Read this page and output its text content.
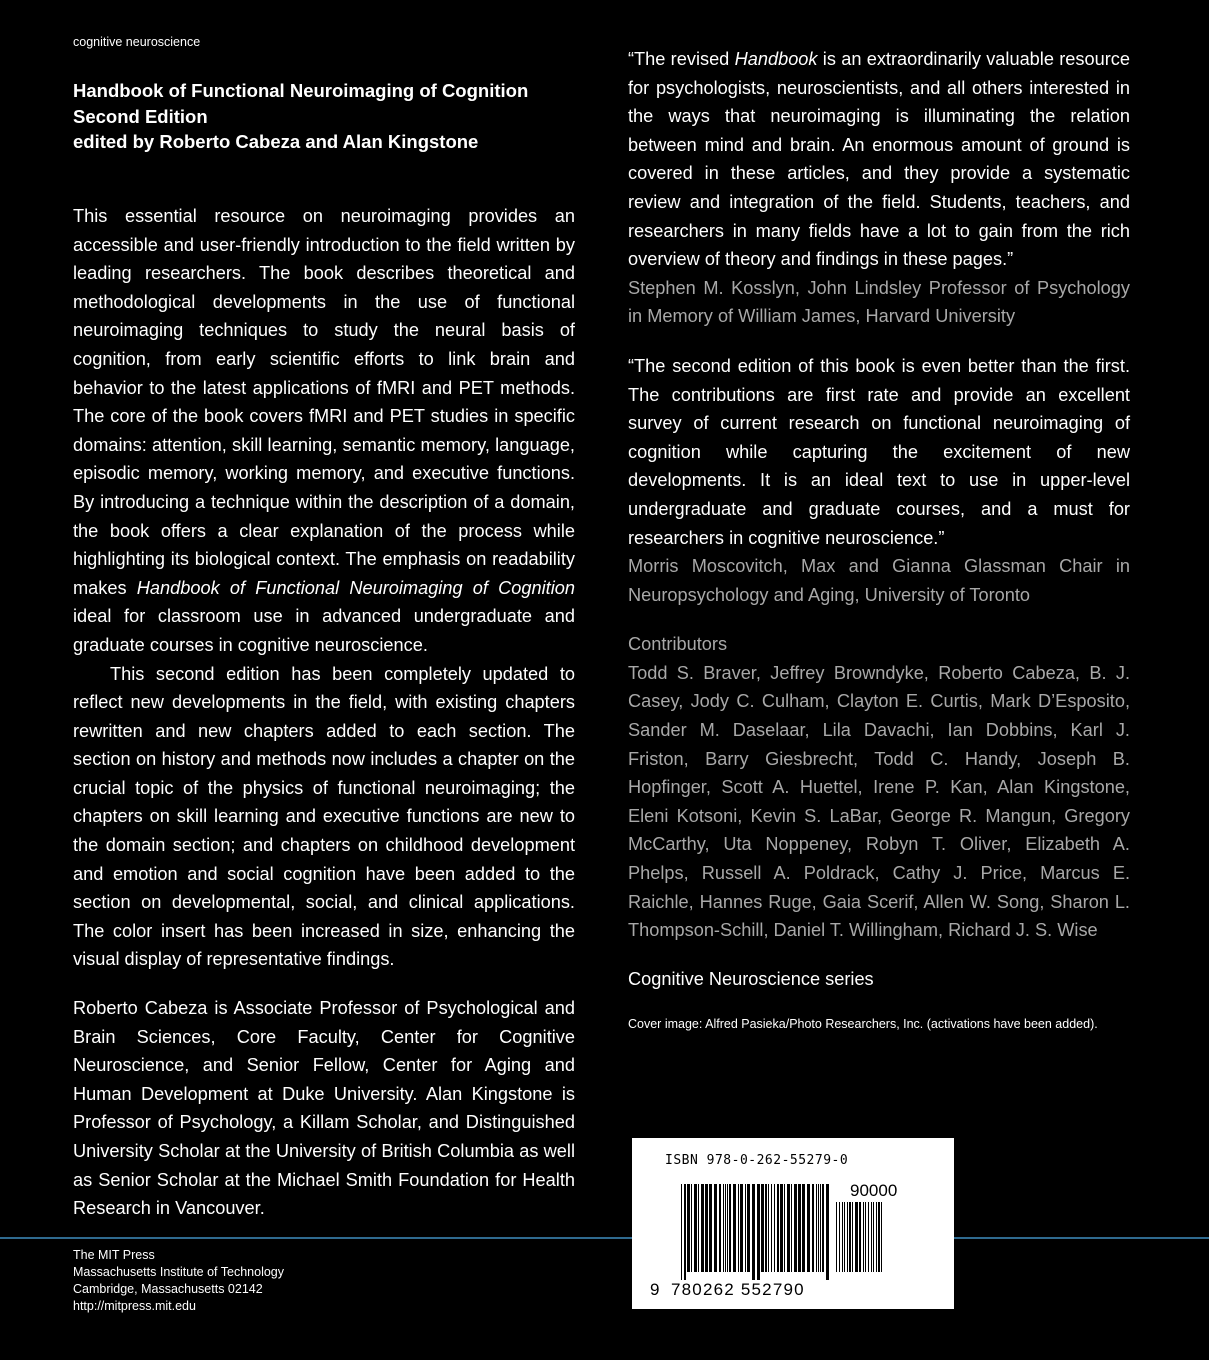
cognitive neuroscience
Handbook of Functional Neuroimaging of Cognition
Second Edition
edited by Roberto Cabeza and Alan Kingstone

This essential resource on neuroimaging provides an accessible and user-friendly introduction to the field written by leading researchers. The book describes theoretical and methodological developments in the use of functional neuroimaging techniques to study the neural basis of cognition, from early scientific efforts to link brain and behavior to the latest applications of fMRI and PET methods. The core of the book covers fMRI and PET studies in specific domains: attention, skill learning, semantic memory, language, episodic memory, working memory, and executive functions. By introducing a technique within the description of a domain, the book offers a clear explanation of the process while highlighting its biological context. The emphasis on readability makes Handbook of Functional Neuroimaging of Cognition ideal for classroom use in advanced undergraduate and graduate courses in cognitive neuroscience.

This second edition has been completely updated to reflect new developments in the field, with existing chapters rewritten and new chapters added to each section. The section on history and methods now includes a chapter on the crucial topic of the physics of functional neuroimaging; the chapters on skill learning and executive functions are new to the domain section; and chapters on childhood development and emotion and social cognition have been added to the section on developmental, social, and clinical applications. The color insert has been increased in size, enhancing the visual display of representative findings.

Roberto Cabeza is Associate Professor of Psychological and Brain Sciences, Core Faculty, Center for Cognitive Neuroscience, and Senior Fellow, Center for Aging and Human Development at Duke University. Alan Kingstone is Professor of Psychology, a Killam Scholar, and Distinguished University Scholar at the University of British Columbia as well as Senior Scholar at the Michael Smith Foundation for Health Research in Vancouver.

“The revised Handbook is an extraordinarily valuable resource for psychologists, neuroscientists, and all others interested in the ways that neuroimaging is illuminating the relation between mind and brain. An enormous amount of ground is covered in these articles, and they provide a systematic review and integration of the field. Students, teachers, and researchers in many fields have a lot to gain from the rich overview of theory and findings in these pages.”

Stephen M. Kosslyn, John Lindsley Professor of Psychology in Memory of William James, Harvard University

“The second edition of this book is even better than the first. The contributions are first rate and provide an excellent survey of current research on functional neuroimaging of cognition while capturing the excitement of new developments. It is an ideal text to use in upper-level undergraduate and graduate courses, and a must for researchers in cognitive neuroscience.”

Morris Moscovitch, Max and Gianna Glassman Chair in Neuropsychology and Aging, University of Toronto

Contributors

Todd S. Braver, Jeffrey Browndyke, Roberto Cabeza, B. J. Casey, Jody C. Culham, Clayton E. Curtis, Mark D’Esposito, Sander M. Daselaar, Lila Davachi, Ian Dobbins, Karl J. Friston, Barry Giesbrecht, Todd C. Handy, Joseph B. Hopfinger, Scott A. Huettel, Irene P. Kan, Alan Kingstone, Eleni Kotsoni, Kevin S. LaBar, George R. Mangun, Gregory McCarthy, Uta Noppeney, Robyn T. Oliver, Elizabeth A. Phelps, Russell A. Poldrack, Cathy J. Price, Marcus E. Raichle, Hannes Ruge, Gaia Scerif, Allen W. Song, Sharon L. Thompson-Schill, Daniel T. Willingham, Richard J. S. Wise

Cognitive Neuroscience series

Cover image: Alfred Pasieka/Photo Researchers, Inc. (activations have been added).

The MIT Press
Massachusetts Institute of Technology
Cambridge, Massachusetts 02142
http://mitpress.mit.edu
ISBN 978-0-262-55279-0
90000
9 780262 552790
